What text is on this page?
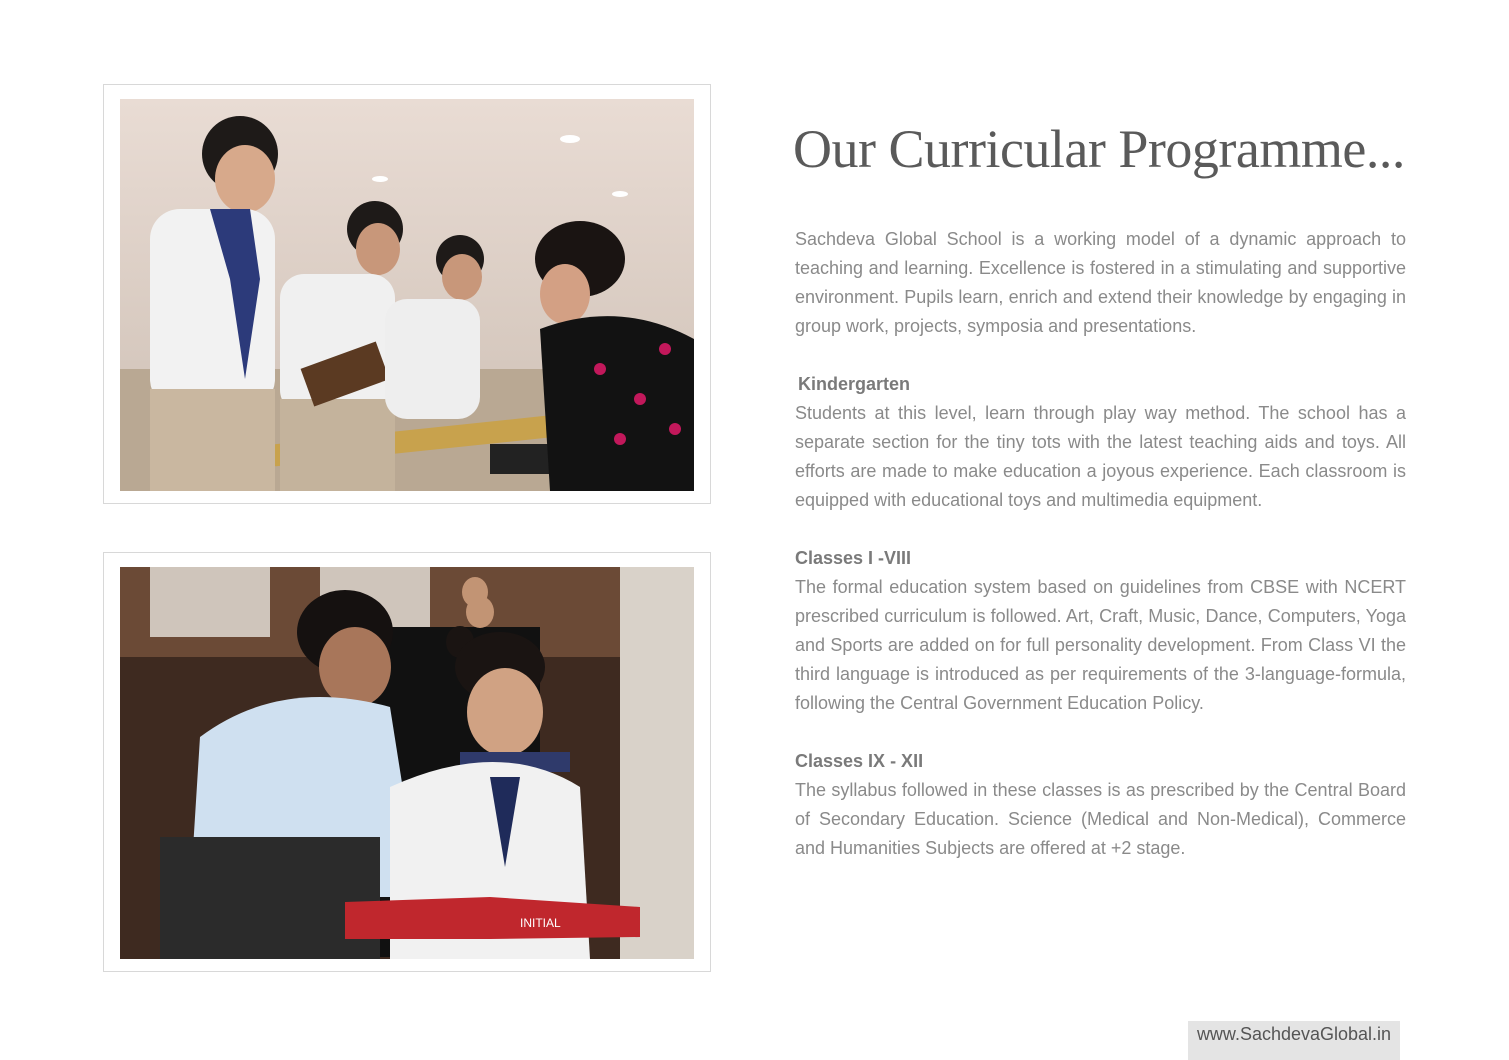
INITIAL
Our Curricular Programme...

Sachdeva Global School is a working model of a dynamic approach to teaching and learning. Excellence is fostered in a stimulating and supportive environment. Pupils learn, enrich and extend their knowledge by engaging in group work, projects, symposia and presentations.

Kindergarten

Students at this level, learn through play way method. The school has a separate section for the tiny tots with the latest teaching aids and toys. All efforts are made to make education a joyous experience. Each classroom is equipped with educational toys and multimedia equipment.

Classes I -VIII

The formal education system based on guidelines from CBSE with NCERT prescribed curriculum is followed. Art, Craft, Music, Dance, Computers, Yoga and Sports are added on for full personality development. From Class VI the third language is introduced as per requirements of the 3-language-formula, following the Central Government Education Policy.

Classes IX - XII

The syllabus followed in these classes is as prescribed by the Central Board of Secondary Education. Science (Medical and Non-Medical), Commerce and Humanities Subjects are offered at +2 stage.

www.SachdevaGlobal.in
